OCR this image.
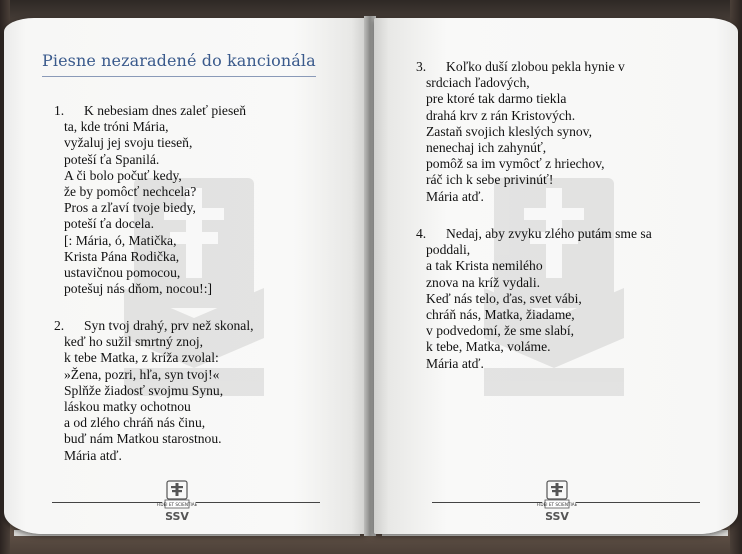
Piesne nezaradené do kancionála
1. K nebesiam dnes zaleť pieseň
ta, kde tróni Mária,
vyžaluj jej svoju tieseň,
poteší ťa Spanilá.
A či bolo počuť kedy,
že by pomôcť nechcela?
Pros a zľaví tvoje biedy,
poteší ťa docela.
[: Mária, ó, Matička,
Krista Pána Rodička,
ustavičnou pomocou,
potešuj nás dňom, nocou!:]
2. Syn tvoj drahý, prv než skonal,
keď ho sužil smrtný znoj,
k tebe Matka, z kríža zvolal:
»Žena, pozri, hľa, syn tvoj!«
Splňže žiadosť svojmu Synu,
láskou matky ochotnou
a od zlého chráň nás činu,
buď nám Matkou starostnou.
Mária atď.
FIDEI ET SCIENTIAE
SSV
3. Koľko duší zlobou pekla hynie v
srdciach ľadových,
pre ktoré tak darmo tiekla
drahá krv z rán Kristových.
Zastaň svojich kleslých synov,
nenechaj ich zahynúť,
pomôž sa im vymôcť z hriechov,
ráč ich k sebe privinúť!
Mária atď.
4. Nedaj, aby zvyku zlého putám sme sa
poddali,
a tak Krista nemilého
znova na kríž vydali.
Keď nás telo, ďas, svet vábi,
chráň nás, Matka, žiadame,
v podvedomí, že sme slabí,
k tebe, Matka, voláme.
Mária atď.
FIDEI ET SCIENTIAE
SSV
